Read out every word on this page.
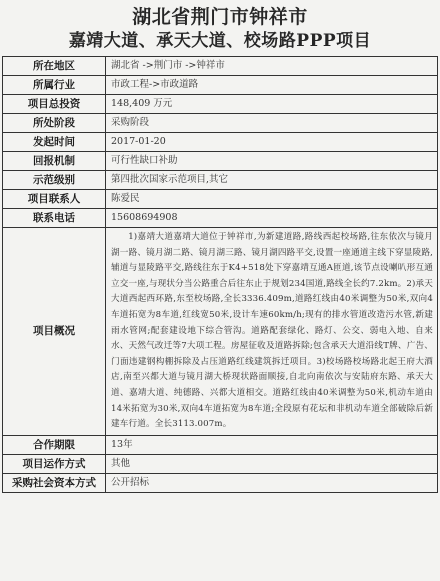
湖北省荆门市钟祥市
嘉靖大道、承天大道、校场路PPP项目
所在地区	湖北省 ->荆门市 ->钟祥市
所属行业	市政工程->市政道路
项目总投资	148,409 万元
所处阶段	采购阶段
发起时间	2017-01-20
回报机制	可行性缺口补助
示范级别	第四批次国家示范项目,其它
项目联系人	陈爱民
联系电话	15608694908
项目概况	1)嘉靖大道嘉靖大道位于钟祥市,为新建道路,路线西起校场路,往东依次与镜月湖一路、镜月湖二路、镜月湖三路、镜月湖四路平交,设置一座通道主线下穿显陵路,辅道与显陵路平交,路线往东于K4+518处下穿嘉靖互通A匝道,该节点设喇叭形互通立交一座,与现状分当公路重合后往东止于规划234国道,路线全长约7.2km。2)承天大道西起西环路,东至校场路,全长3336.409m,道路红线由40米调整为50米,双向4车道拓宽为8车道,红线宽50米,设计车速60km/h;现有的排水管道改造污水管,新建雨水管网;配套建设地下综合管沟。道路配套绿化、路灯、公交、弱电入地、自来水、天然气改迁等7大项工程。房屋征收及道路拆除;包含承天大道沿线T牌、广告、门面违建钢构棚拆除及占压道路红线建筑拆迁项目。3)校场路校场路北起王府大酒店,南至兴都大道与镜月湖大桥现状路面顺接,自北向南依次与安陆府东路、承天大道、嘉靖大道、纯德路、兴都大道相交。道路红线由40米调整为50米,机动车道由14米拓宽为30米,双向4车道拓宽为8车道;全段原有花坛和非机动车道全部破除后新建车行道。全长3113.007m。
合作期限	13年
项目运作方式	其他
采购社会资本方式	公开招标
